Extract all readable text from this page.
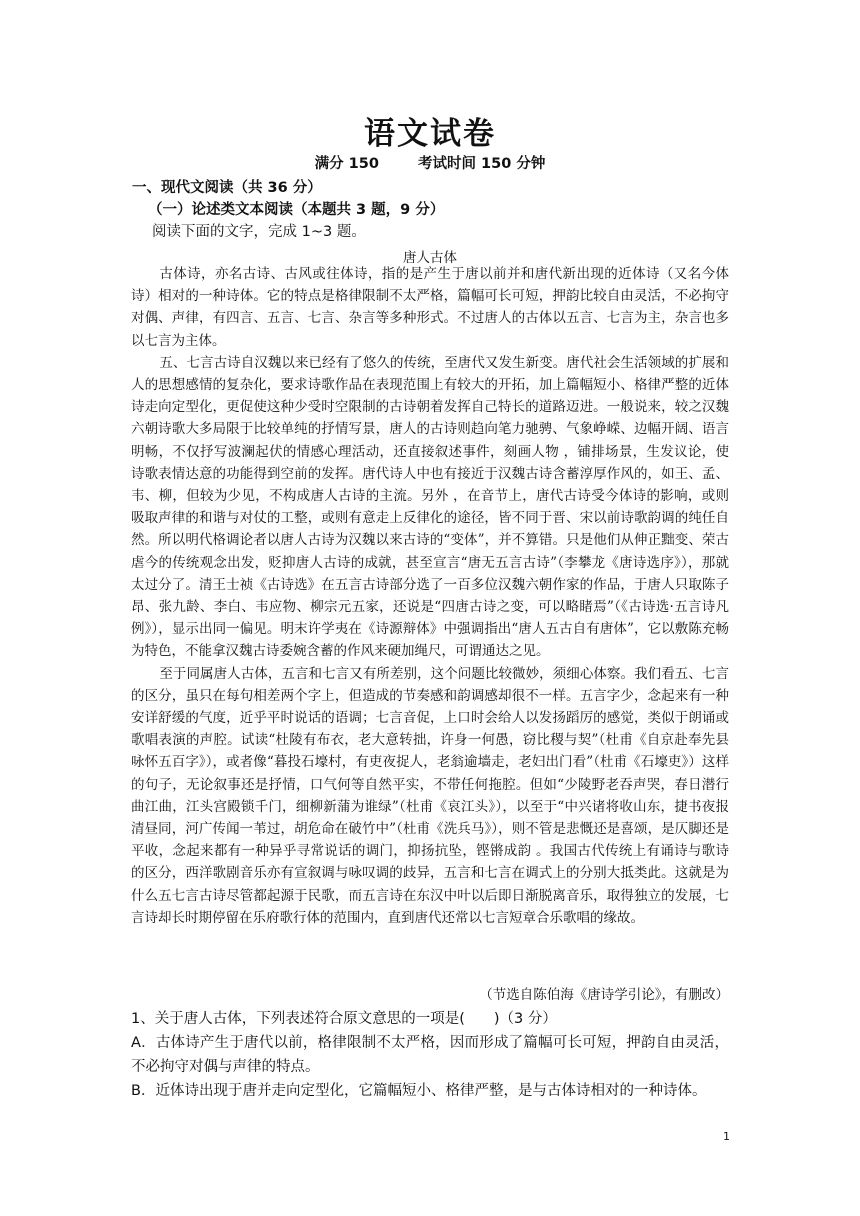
语文试卷
满分 150	考试时间 150 分钟
一、现代文阅读（共 36 分）
（一）论述类文本阅读（本题共 3 题，9 分）
阅读下面的文字，完成 1~3 题。
唐人古体

古体诗，亦名古诗、古风或往体诗，指的是产生于唐以前并和唐代新出现的近体诗（又名今体诗）相对的一种诗体。它的特点是格律限制不太严格，篇幅可长可短，押韵比较自由灵活，不必拘守对偶、声律，有四言、五言、七言、杂言等多种形式。不过唐人的古体以五言、七言为主，杂言也多以七言为主体。

五、七言古诗自汉魏以来已经有了悠久的传统，至唐代又发生新变。唐代社会生活领域的扩展和人的思想感情的复杂化，要求诗歌作品在表现范围上有较大的开拓，加上篇幅短小、格律严整的近体诗走向定型化，更促使这种少受时空限制的古诗朝着发挥自己特长的道路迈进。一般说来，较之汉魏六朝诗歌大多局限于比较单纯的抒情写景，唐人的古诗则趋向笔力驰骋、气象峥嵘、边幅开阔、语言明畅，不仅抒写波澜起伏的情感心理活动，还直接叙述事件，刻画人物 ，铺排场景，生发议论，使诗歌表情达意的功能得到空前的发挥。唐代诗人中也有接近于汉魏古诗含蓄淳厚作风的，如王、孟、韦、柳，但较为少见，不构成唐人古诗的主流。另外 ，在音节上，唐代古诗受今体诗的影响，或则吸取声律的和谐与对仗的工整，或则有意走上反律化的途径，皆不同于晋、宋以前诗歌韵调的纯任自然。所以明代格调论者以唐人古诗为汉魏以来古诗的“变体”，并不算错。只是他们从伸正黜变、荣古虐今的传统观念出发，贬抑唐人古诗的成就，甚至宣言“唐无五言古诗”（李攀龙《唐诗选序》），那就太过分了。清王士祯《古诗选》在五言古诗部分选了一百多位汉魏六朝作家的作品，于唐人只取陈子昂、张九龄、李白、韦应物、柳宗元五家，还说是“四唐古诗之变，可以略睹焉”（《古诗选·五言诗凡例》），显示出同一偏见。明末许学夷在《诗源辩体》中强调指出“唐人五古自有唐体”，它以敷陈充畅为特色，不能拿汉魏古诗委婉含蓄的作风来硬加绳尺，可谓通达之见。

至于同属唐人古体，五言和七言又有所差别，这个问题比较微妙，须细心体察。我们看五、七言的区分，虽只在每句相差两个字上，但造成的节奏感和韵调感却很不一样。五言字少，念起来有一种安详舒缓的气度，近乎平时说话的语调；七言音促，上口时会给人以发扬蹈厉的感觉，类似于朗诵或歌唱表演的声腔。试读“杜陵有布衣，老大意转拙，许身一何愚，窃比稷与契”（杜甫《自京赴奉先县咏怀五百字》），或者像“暮投石壕村，有吏夜捉人，老翁逾墙走，老妇出门看”（杜甫《石壕吏》）这样的句子，无论叙事还是抒情，口气何等自然平实，不带任何拖腔。但如“少陵野老吞声哭，春日潜行曲江曲，江头宫殿锁千门，细柳新蒲为谁绿”（杜甫《哀江头》），以至于“中兴诸将收山东，捷书夜报清昼同，河广传闻一苇过，胡危命在破竹中”（杜甫《洗兵马》），则不管是悲慨还是喜颂，是仄脚还是平收，念起来都有一种异乎寻常说话的调门，抑扬抗坠，铿锵成韵 。我国古代传统上有诵诗与歌诗的区分，西洋歌剧音乐亦有宣叙调与咏叹调的歧异，五言和七言在调式上的分别大抵类此。这就是为什么五七言古诗尽管都起源于民歌，而五言诗在东汉中叶以后即日渐脱离音乐，取得独立的发展，七言诗却长时期停留在乐府歌行体的范围内，直到唐代还常以七言短章合乐歌唱的缘故。

（节选自陈伯海《唐诗学引论》，有删改）

1、关于唐人古体，下列表述符合原文意思的一项是(　　)（3 分）

A．古体诗产生于唐代以前，格律限制不太严格，因而形成了篇幅可长可短，押韵自由灵活，不必拘守对偶与声律的特点。

B．近体诗出现于唐并走向定型化，它篇幅短小、格律严整，是与古体诗相对的一种诗体。

1
